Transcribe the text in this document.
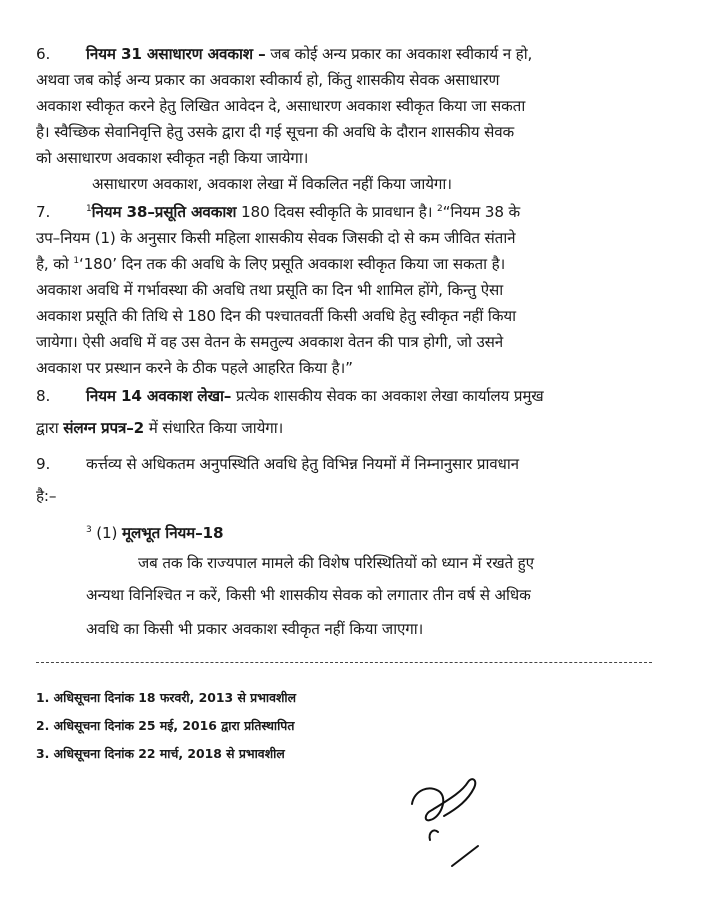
6. नियम 31 असाधारण अवकाश – जब कोई अन्य प्रकार का अवकाश स्वीकार्य न हो,
अथवा जब कोई अन्य प्रकार का अवकाश स्वीकार्य हो, किंतु शासकीय सेवक असाधारण
अवकाश स्वीकृत करने हेतु लिखित आवेदन दे, असाधारण अवकाश स्वीकृत किया जा सकता
है। स्वैच्छिक सेवानिवृत्ति हेतु उसके द्वारा दी गई सूचना की अवधि के दौरान शासकीय सेवक
को असाधारण अवकाश स्वीकृत नही किया जायेगा।
असाधारण अवकाश, अवकाश लेखा में विकलित नहीं किया जायेगा।
7.	$^1$नियम 38–प्रसूति अवकाश 180 दिवस स्वीकृति के प्रावधान है। $^2$“नियम 38 के
उप–नियम (1) के अनुसार किसी महिला शासकीय सेवक जिसकी दो से कम जीवित संताने
है, को $^1$‘180’ दिन तक की अवधि के लिए प्रसूति अवकाश स्वीकृत किया जा सकता है।
अवकाश अवधि में गर्भावस्था की अवधि तथा प्रसूति का दिन भी शामिल होंगे, किन्तु ऐसा
अवकाश प्रसूति की तिथि से 180 दिन की पश्चातवर्ती किसी अवधि हेतु स्वीकृत नहीं किया
जायेगा। ऐसी अवधि में वह उस वेतन के समतुल्य अवकाश वेतन की पात्र होगी, जो उसने
अवकाश पर प्रस्थान करने के ठीक पहले आहरित किया है।”
8. नियम 14 अवकाश लेखा– प्रत्येक शासकीय सेवक का अवकाश लेखा कार्यालय प्रमुख
द्वारा संलग्न प्रपत्र–2 में संधारित किया जायेगा।
9. कर्त्तव्य से अधिकतम अनुपस्थिति अवधि हेतु विभिन्न नियमों में निम्नानुसार प्रावधान
है:–
$^3$ (1) मूलभूत नियम–18
जब तक कि राज्यपाल मामले की विशेष परिस्थितियों को ध्यान में रखते हुए
अन्यथा विनिश्चित न करें, किसी भी शासकीय सेवक को लगातार तीन वर्ष से अधिक
अवधि का किसी भी प्रकार अवकाश स्वीकृत नहीं किया जाएगा।
1. अधिसूचना दिनांक 18 फरवरी, 2013 से प्रभावशील
2. अधिसूचना दिनांक 25 मई, 2016 द्वारा प्रतिस्थापित
3. अधिसूचना दिनांक 22 मार्च, 2018 से प्रभावशील
